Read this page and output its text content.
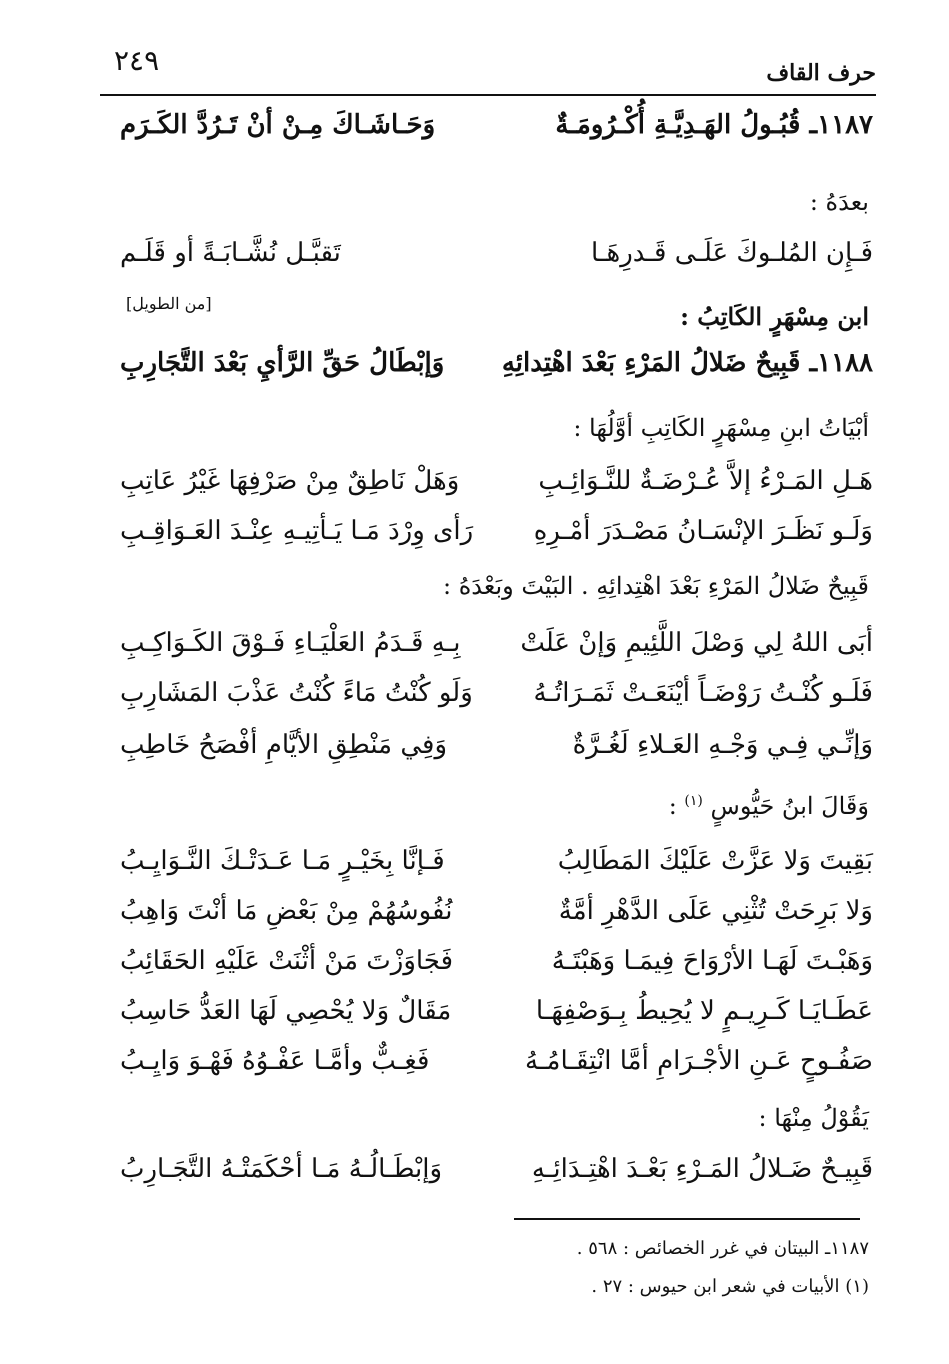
٢٤٩	حرف القاف
١١٨٧ـ قُبُـولُ الهَـدِيَّـةِ أُكْـرُومَـةٌ
وَحَـاشَـاكَ مِـنْ أنْ تَـرُدَّ الكَـرَم
بعدَهُ :
فَـإِن المُلـوكَ عَلَـى قَـدرِهَـا
تَقبَّـل نُشَّـابَـةً أو قَلَـم
ابن مِسْهَرٍ الكَاتِبُ :
[من الطويل]
١١٨٨ـ قَبِيحٌ ضَلالُ المَرْءِ بَعْدَ اهْتِدائِهِ
وَإبْطَالُ حَقِّ الرَّأيِ بَعْدَ التَّجَارِبِ
أبْيَاتُ ابنِ مِسْهَرٍ الكَاتِبِ أوَّلُهَا :
هَـلِ المَـرْءُ إلاَّ عُـرْضَـةٌ للنَّـوَائِـبِ
وَهَلْ نَاطِقٌ مِنْ صَرْفِهَا غَيْرُ عَاتِبِ
وَلَـو نَظَـرَ الإنْسَـانُ مَصْـدَرَ أمْـرِهِ
رَأى وِرْدَ مَـا يَـأتِيـهِ عِنْـدَ العَـوَاقِـبِ
قَبِيحٌ ضَلالُ المَرْءِ بَعْدَ اهْتِدائِهِ . البَيْتَ وبَعْدَهُ :
أبَى اللهُ لِي وَصْلَ اللَّئِيمِ وَإنْ عَلَتْ
بِـهِ قَـدَمُ العَلْيَـاءِ فَـوْقَ الكَـوَاكِـبِ
فَلَـو كُنْـتُ رَوْضَـاً أيْنَعَـتْ ثَمَـرَاتُـهُ
وَلَو كُنْتُ مَاءً كُنْتُ عَذْبَ المَشَارِبِ
وَإنِّـي فِـي وَجْـهِ العَـلاءِ لَغُـرَّةٌ
وَفِي مَنْطِقِ الأيَّامِ أفْصَحُ خَاطِبِ
وَقَالَ ابنُ حَيُّوسٍ $^{(١)}$ :
بَقِيتَ وَلا عَزَّتْ عَلَيْكَ المَطَالِبُ
فَـإنَّا بِخَيْـرٍ مَـا عَـدَتْـكَ النَّـوَايِـبُ
وَلا بَرِحَتْ تُثْنِي عَلَى الدَّهْرِ أمَّةٌ
نُفُوسُهُمْ مِنْ بَعْضِ مَا أنْتَ وَاهِبُ
وَهَبْـتَ لَهَـا الأرْوَاحَ فِيمَـا وَهَبْتَـهُ
فَجَاوَزْتَ مَنْ أثْنَتْ عَلَيْهِ الحَقَائِبُ
عَطَـايَـا كَـرِيـمٍ لا يُحِيطُ بِـوَصْفِهَـا
مَقَالٌ وَلا يُحْصِي لَهَا العَدُّ حَاسِبُ
صَفُـوحٍ عَـنِ الأجْـرَامِ أمَّا انْتِقَـامُـهُ
فَغِـبٌّ وأمَّـا عَفْـوُهُ فَهْـوَ وَايِـبُ
يَقُوْلُ مِنْهَا :
قَبِيـحٌ ضَـلالُ المَـرْءِ بَعْـدَ اهْتِـدَائِـهِ
وَإبْطَـالُـهُ مَـا أحْكَمَتْـهُ التَّجَـارِبُ
١١٨٧ـ البيتان في غرر الخصائص : ٥٦٨ .
(١) الأبيات في شعر ابن حيوس : ٢٧ .
